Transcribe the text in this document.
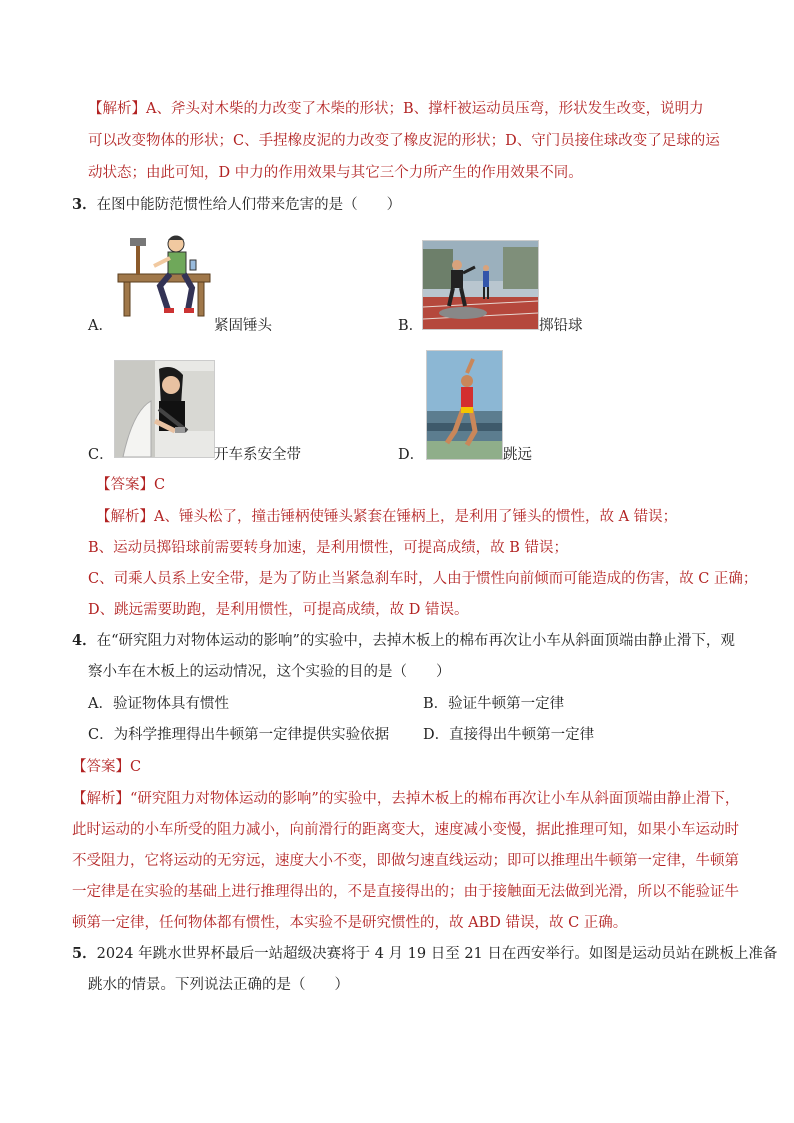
【解析】A、斧头对木柴的力改变了木柴的形状；B、撑杆被运动员压弯，形状发生改变，说明力
可以改变物体的形状；C、手捏橡皮泥的力改变了橡皮泥的形状；D、守门员接住球改变了足球的运
动状态；由此可知，D 中力的作用效果与其它三个力所产生的作用效果不同。
3．在图中能防范惯性给人们带来危害的是（　　）
A．	紧固锤头	B．	掷铅球
C．	开车系安全带	D．	跳远
【答案】C
【解析】A、锤头松了，撞击锤柄使锤头紧套在锤柄上，是利用了锤头的惯性，故 A 错误；
B、运动员掷铅球前需要转身加速，是利用惯性，可提高成绩，故 B 错误；
C、司乘人员系上安全带，是为了防止当紧急刹车时，人由于惯性向前倾而可能造成的伤害，故 C 正确；
D、跳远需要助跑，是利用惯性，可提高成绩，故 D 错误。
4．在“研究阻力对物体运动的影响”的实验中，去掉木板上的棉布再次让小车从斜面顶端由静止滑下，观
察小车在木板上的运动情况，这个实验的目的是（　　）
A．验证物体具有惯性	B．验证牛顿第一定律
C．为科学推理得出牛顿第一定律提供实验依据 D．直接得出牛顿第一定律
【答案】C
【解析】“研究阻力对物体运动的影响”的实验中，去掉木板上的棉布再次让小车从斜面顶端由静止滑下，
此时运动的小车所受的阻力减小，向前滑行的距离变大，速度减小变慢，据此推理可知，如果小车运动时
不受阻力，它将运动的无穷远，速度大小不变，即做匀速直线运动；即可以推理出牛顿第一定律，牛顿第
一定律是在实验的基础上进行推理得出的，不是直接得出的；由于接触面无法做到光滑，所以不能验证牛
顿第一定律，任何物体都有惯性，本实验不是研究惯性的，故 ABD 错误，故 C 正确。
5．2024 年跳水世界杯最后一站超级决赛将于 4 月 19 日至 21 日在西安举行。如图是运动员站在跳板上准备
跳水的情景。下列说法正确的是（　　）
